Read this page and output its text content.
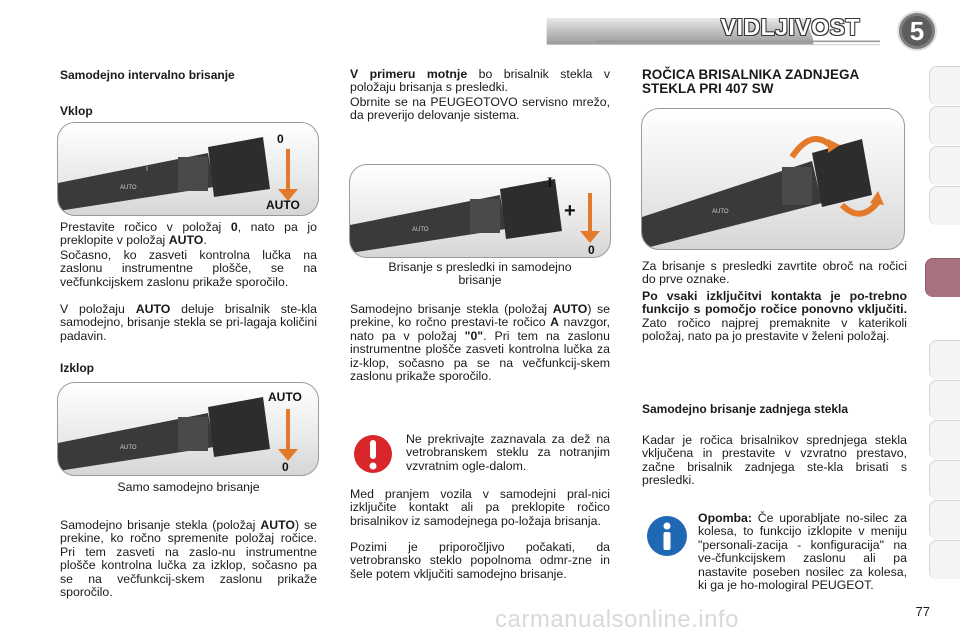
VIDLJIVOST	5
Samodejno intervalno brisanje
Vklop
AUTO
I
0
AUTO
Prestavite ročico v položaj 0, nato pa jo preklopite v položaj AUTO.
Sočasno, ko zasveti kontrolna lučka na zaslonu instrumentne plošče, se na večfunkcijskem zaslonu prikaže sporočilo.
V položaju AUTO deluje brisalnik ste-kla samodejno, brisanje stekla se pri-lagaja količini padavin.
Izklop
AUTO
AUTO
0
Samo samodejno brisanje
Samodejno brisanje stekla (položaj AUTO) se prekine, ko ročno spremenite položaj ročice. Pri tem zasveti na zaslo-nu instrumentne plošče kontrolna lučka za izklop, sočasno pa se na večfunkcij-skem zaslonu prikaže sporočilo.
V primeru motnje bo brisalnik stekla v položaju brisanja s presledki.
Obrnite se na PEUGEOTOVO servisno mrežo, da preverijo delovanje sistema.
AUTO
I
+
0
Brisanje s presledki in samodejno brisanje
Samodejno brisanje stekla (položaj AUTO) se prekine, ko ročno prestavi-te ročico A navzgor, nato pa v položaj "0". Pri tem na zaslonu instrumentne plošče zasveti kontrolna lučka za iz-klop, sočasno pa se na večfunkcij-skem zaslonu prikaže sporočilo.
Ne prekrivajte zaznavala za dež na vetrobranskem steklu za notranjim vzvratnim ogle-dalom.
Med pranjem vozila v samodejni pral-nici izključite kontakt ali pa preklopite ročico brisalnikov iz samodejnega po-ložaja brisanja.
Pozimi je priporočljivo počakati, da vetrobransko steklo popolnoma odmr-zne in šele potem vključiti samodejno brisanje.
ROČICA BRISALNIKA ZADNJEGA STEKLA PRI 407 SW
AUTO
Za brisanje s presledki zavrtite obroč na ročici do prve oznake.
Po vsaki izključitvi kontakta je po-trebno funkcijo s pomočjo ročice ponovno vključiti. Zato ročico najprej premaknite v katerikoli položaj, nato pa jo prestavite v želeni položaj.
Samodejno brisanje zadnjega stekla
Kadar je ročica brisalnikov sprednjega stekla vključena in prestavite v vzvratno prestavo, začne brisalnik zadnjega ste-kla brisati s presledki.
Opomba: Če uporabljate no-silec za kolesa, to funkcijo izklopite v meniju "personali-zacija - konfiguracija" na ve-čfunkcijskem zaslonu ali pa nastavite poseben nosilec za kolesa, ki ga je ho-mologiral PEUGEOT.
carmanualsonline.info	77
